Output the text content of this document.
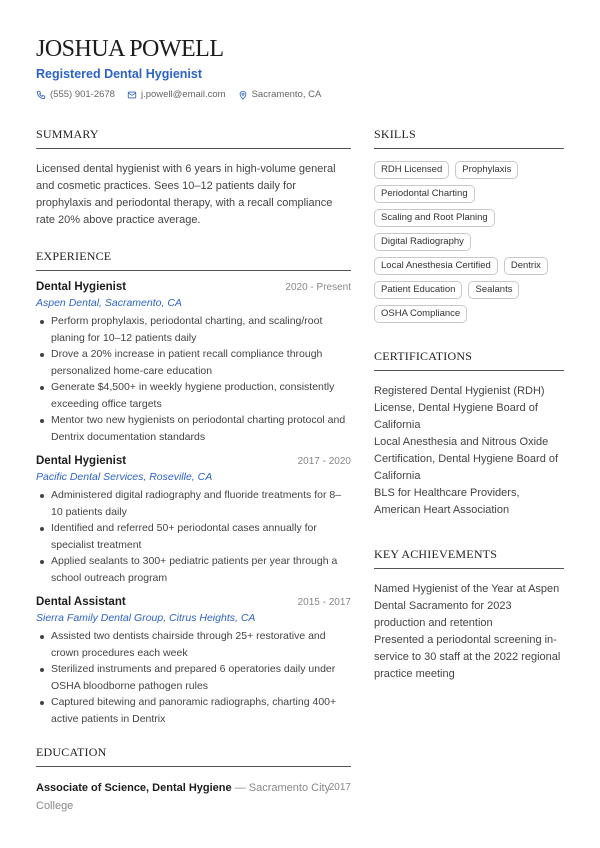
JOSHUA POWELL
Registered Dental Hygienist
(555) 901-2678	j.powell@email.com	Sacramento, CA
SUMMARY

Licensed dental hygienist with 6 years in high-volume general and cosmetic practices. Sees 10–12 patients daily for prophylaxis and periodontal therapy, with a recall compliance rate 20% above practice average.

EXPERIENCE
Dental Hygienist	2020 - Present
Aspen Dental, Sacramento, CA
Perform prophylaxis, periodontal charting, and scaling/root planing for 10–12 patients daily
Drove a 20% increase in patient recall compliance through personalized home-care education
Generate $4,500+ in weekly hygiene production, consistently exceeding office targets
Mentor two new hygienists on periodontal charting protocol and Dentrix documentation standards
Dental Hygienist	2017 - 2020
Pacific Dental Services, Roseville, CA
Administered digital radiography and fluoride treatments for 8–10 patients daily
Identified and referred 50+ periodontal cases annually for specialist treatment
Applied sealants to 300+ pediatric patients per year through a school outreach program
Dental Assistant	2015 - 2017
Sierra Family Dental Group, Citrus Heights, CA
Assisted two dentists chairside through 25+ restorative and crown procedures each week
Sterilized instruments and prepared 6 operatories daily under OSHA bloodborne pathogen rules
Captured bitewing and panoramic radiographs, charting 400+ active patients in Dentrix
EDUCATION
Associate of Science, Dental Hygiene — Sacramento City College
2017
SKILLS
RDH Licensed	Prophylaxis
Periodontal Charting
Scaling and Root Planing
Digital Radiography
Local Anesthesia Certified	Dentrix
Patient Education	Sealants
OSHA Compliance
CERTIFICATIONS
Registered Dental Hygienist (RDH) License, Dental Hygiene Board of California
Local Anesthesia and Nitrous Oxide Certification, Dental Hygiene Board of California
BLS for Healthcare Providers, American Heart Association
KEY ACHIEVEMENTS
Named Hygienist of the Year at Aspen Dental Sacramento for 2023 production and retention
Presented a periodontal screening in-service to 30 staff at the 2022 regional practice meeting
